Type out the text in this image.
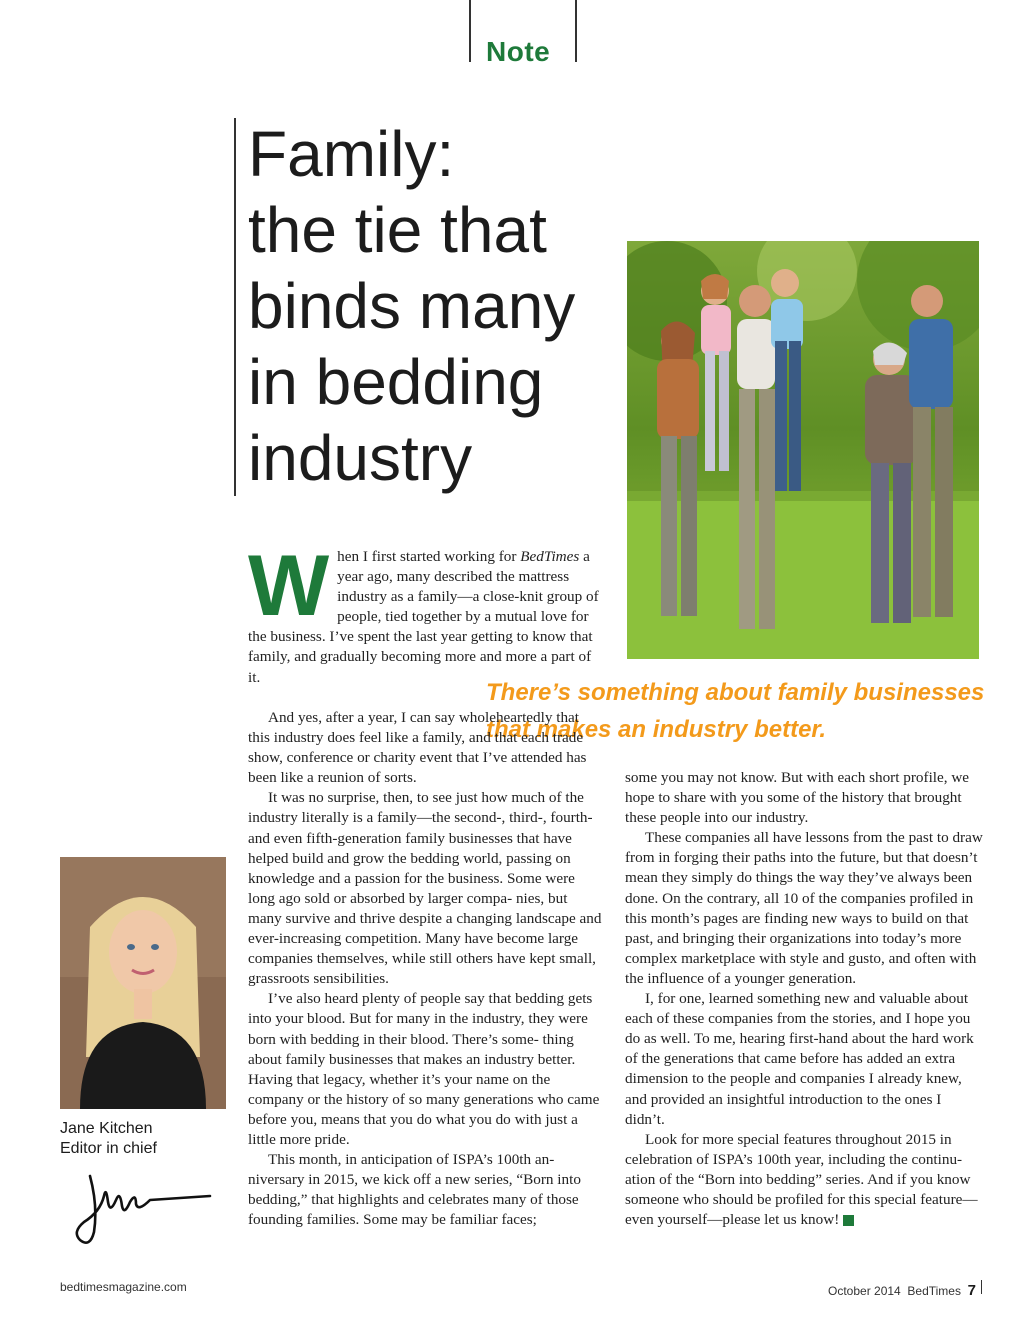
Note
Family:
the tie that
binds many
in bedding
industry
There’s something about family businesses
that makes an industry better.

When I first started working for BedTimes a year ago, many described the mattress industry as a family—a close-knit group of people, tied together by a mutual love for the business. I’ve spent the last year getting to know that family, and gradually becoming more and more a part of it.

And yes, after a year, I can say wholeheartedly that this industry does feel like a family, and that each trade show, conference or charity event that I’ve attended has been like a reunion of sorts.

It was no surprise, then, to see just how much of the industry literally is a family—the second-, third-, fourth- and even fifth-generation family businesses that have helped build and grow the bedding world, passing on knowledge and a passion for the business. Some were long ago sold or absorbed by larger compa- nies, but many survive and thrive despite a changing landscape and ever-increasing competition. Many have become large companies themselves, while still others have kept small, grassroots sensibilities.

I’ve also heard plenty of people say that bedding gets into your blood. But for many in the industry, they were born with bedding in their blood. There’s some- thing about family businesses that makes an industry better. Having that legacy, whether it’s your name on the company or the history of so many generations who came before you, means that you do what you do with just a little more pride.

This month, in anticipation of ISPA’s 100th an- niversary in 2015, we kick off a new series, “Born into bedding,” that highlights and celebrates many of those founding families. Some may be familiar faces;

some you may not know. But with each short profile, we hope to share with you some of the history that brought these people into our industry.

These companies all have lessons from the past to draw from in forging their paths into the future, but that doesn’t mean they simply do things the way they’ve always been done. On the contrary, all 10 of the companies profiled in this month’s pages are finding new ways to build on that past, and bringing their organizations into today’s more complex marketplace with style and gusto, and often with the influence of a younger generation.

I, for one, learned something new and valuable about each of these companies from the stories, and I hope you do as well. To me, hearing first-hand about the hard work of the generations that came before has added an extra dimension to the people and companies I already knew, and provided an insightful introduction to the ones I didn’t.

Look for more special features throughout 2015 in celebration of ISPA’s 100th year, including the continu- ation of the “Born into bedding” series. And if you know someone who should be profiled for this special feature—even yourself—please let us know!

Jane Kitchen
Editor in chief
bedtimesmagazine.com	October 2014 BedTimes 7
